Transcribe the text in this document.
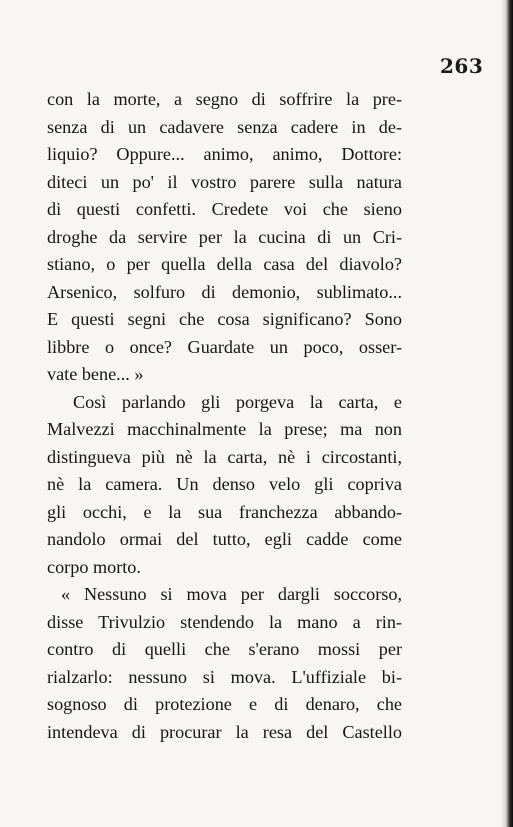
263
con la morte, a segno di soffrire la pre-
senza di un cadavere senza cadere in de-
liquio? Oppure... animo, animo, Dottore:
diteci un po' il vostro parere sulla natura
di questi confetti. Credete voi che sieno
droghe da servire per la cucina di un Cri-
stiano, o per quella della casa del diavolo?
Arsenico, solfuro di demonio, sublimato...
E questi segni che cosa significano? Sono
libbre o once? Guardate un poco, osser-
vate bene... »
Così parlando gli porgeva la carta, e
Malvezzi macchinalmente la prese; ma non
distingueva più nè la carta, nè i circostanti,
nè la camera. Un denso velo gli copriva
gli occhi, e la sua franchezza abbando-
nandolo ormai del tutto, egli cadde come
corpo morto.
« Nessuno si mova per dargli soccorso,
disse Trivulzio stendendo la mano a rin-
contro di quelli che s'erano mossi per
rialzarlo: nessuno si mova. L'uffiziale bi-
sognoso di protezione e di denaro, che
intendeva di procurar la resa del Castello
